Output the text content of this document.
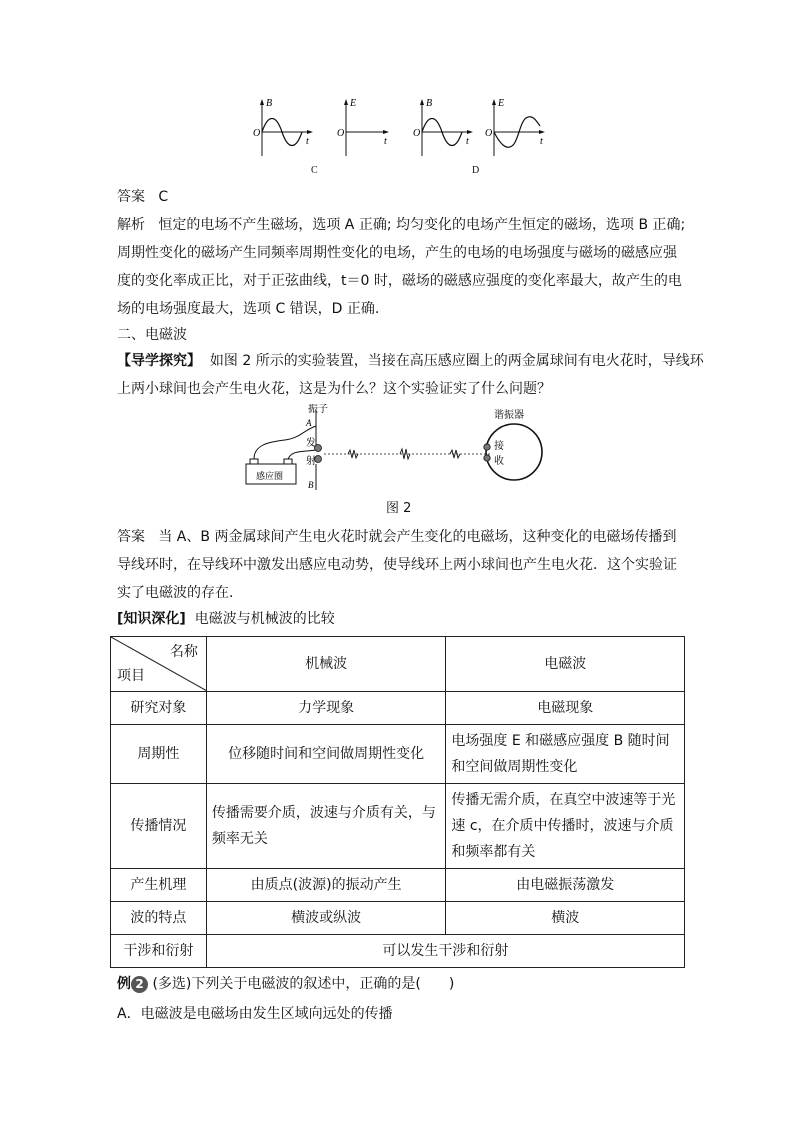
B
O
t
E
O
t
B
O
t
E
O
t
C	D
答案 C
解析 恒定的电场不产生磁场，选项 A 正确; 均匀变化的电场产生恒定的磁场，选项 B 正确;
周期性变化的磁场产生同频率周期性变化的电场，产生的电场的电场强度与磁场的磁感应强
度的变化率成正比，对于正弦曲线，t＝0 时，磁场的磁感应强度的变化率最大，故产生的电
场的电场强度最大，选项 C 错误，D 正确.
二、电磁波
【导学探究】 如图 2 所示的实验装置，当接在高压感应圈上的两金属球间有电火花时，导线环
上两小球间也会产生电火花，这是为什么？这个实验证实了什么问题？
感应圈
A
B
发
射
振子
接
收
谐振器
图 2
答案 当 A、B 两金属球间产生电火花时就会产生变化的电磁场，这种变化的电磁场传播到
导线环时，在导线环中激发出感应电动势，使导线环上两小球间也产生电火花．这个实验证
实了电磁波的存在.
[知识深化] 电磁波与机械波的比较
名称
项目	机械波	电磁波
研究对象	力学现象	电磁现象
周期性	位移随时间和空间做周期性变化	电场强度 E 和磁感应强度 B 随时间和空间做周期性变化
传播情况	传播需要介质，波速与介质有关，与频率无关	传播无需介质，在真空中波速等于光速 c，在介质中传播时，波速与介质和频率都有关
产生机理	由质点(波源)的振动产生	由电磁振荡激发
波的特点	横波或纵波	横波
干涉和衍射	可以发生干涉和衍射	
例 2 (多选)下列关于电磁波的叙述中，正确的是(　　)
A．电磁波是电磁场由发生区域向远处的传播
